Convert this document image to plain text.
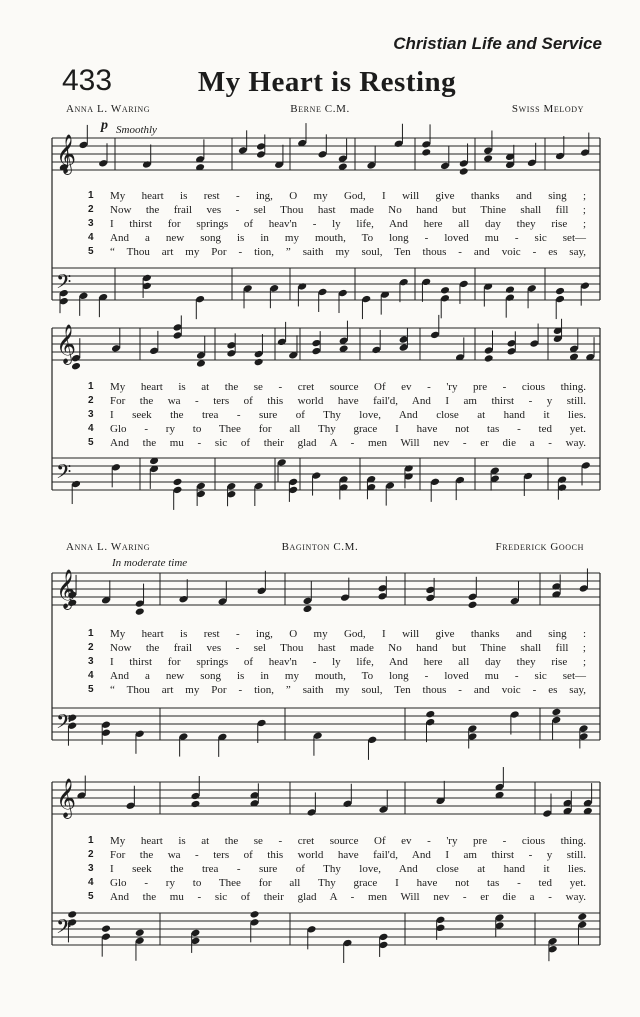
Christian Life and Service
433	My Heart is Resting
Anna L. Waring	Berne C.M.	Swiss Melody
p Smoothly
1 My heart is rest - ing, O my God, I will give thanks and sing ;
2 Now the frail ves - sel Thou hast made No hand but Thine shall fill ;
3 I thirst for springs of heav'n - ly life, And here all day they rise ;
4 And a new song is in my mouth, To long - loved mu - sic set—
5 “ Thou art my Por - tion, ” saith my soul, Ten thous - and voic - es say,
1 My heart is at the se - cret source Of ev - 'ry pre - cious thing.
2 For the wa - ters of this world have fail'd, And I am thirst - y still.
3 I seek the trea - sure of Thy love, And close at hand it lies.
4 Glo - ry to Thee for all Thy grace I have not tas - ted yet.
5 And the mu - sic of their glad A - men Will nev - er die a - way.
Anna L. Waring	Baginton C.M.	Frederick Gooch
In moderate time
1 My heart is rest - ing, O my God, I will give thanks and sing :
2 Now the frail ves - sel Thou hast made No hand but Thine shall fill ;
3 I thirst for springs of heav'n - ly life, And here all day they rise ;
4 And a new song is in my mouth, To long - loved mu - sic set—
5 “ Thou art my Por - tion, ” saith my soul, Ten thous - and voic - es say,
1 My heart is at the se - cret source Of ev - 'ry pre - cious thing.
2 For the wa - ters of this world have fail'd, And I am thirst - y still.
3 I seek the trea - sure of Thy love, And close at hand it lies.
4 Glo - ry to Thee for all Thy grace I have not tas - ted yet.
5 And the mu - sic of their glad A - men Will nev - er die a - way.
𝄞
𝄢
𝄞
𝄢
𝄞
𝄢
𝄞
𝄢
